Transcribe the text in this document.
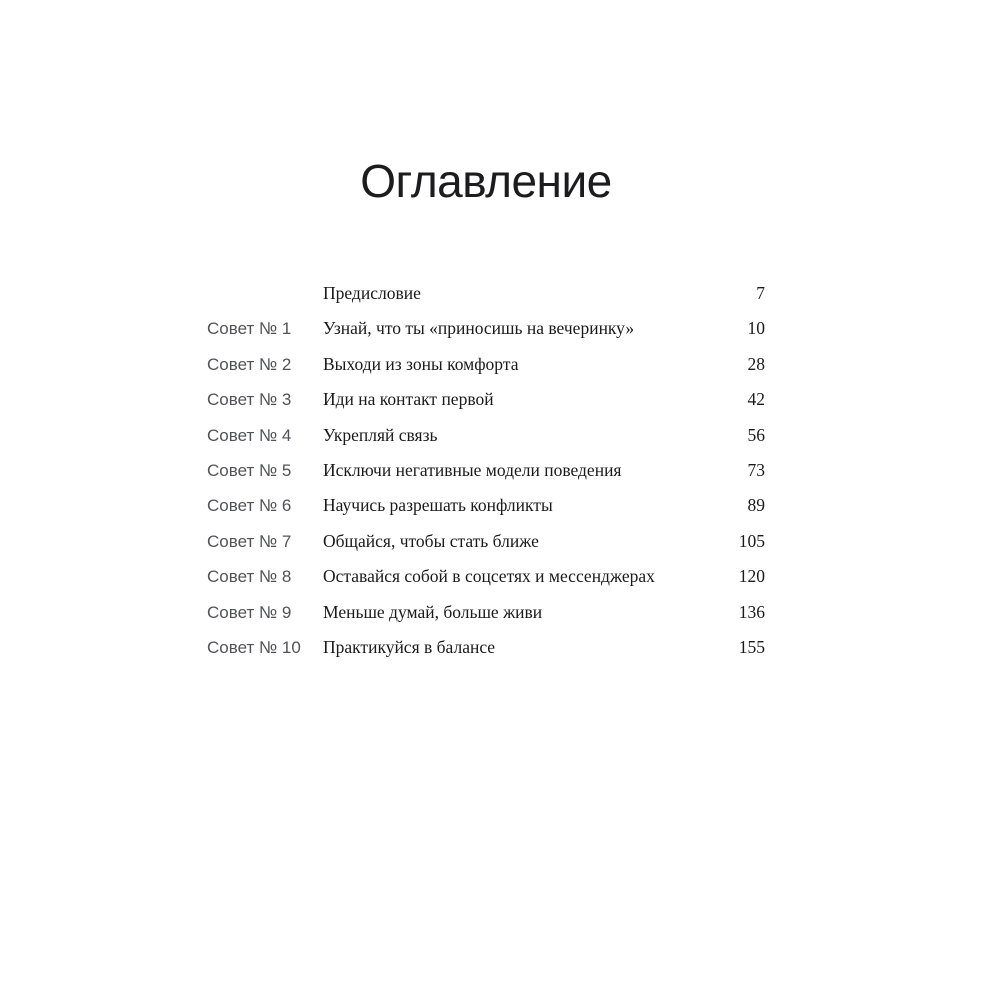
Оглавление
Предисловие	7
Совет № 1	Узнай, что ты «приносишь на вечеринку»	10
Совет № 2	Выходи из зоны комфорта	28
Совет № 3	Иди на контакт первой	42
Совет № 4	Укрепляй связь	56
Совет № 5	Исключи негативные модели поведения	73
Совет № 6	Научись разрешать конфликты	89
Совет № 7	Общайся, чтобы стать ближе	105
Совет № 8	Оставайся собой в соцсетях и мессенджерах	120
Совет № 9	Меньше думай, больше живи	136
Совет № 10	Практикуйся в балансе	155
